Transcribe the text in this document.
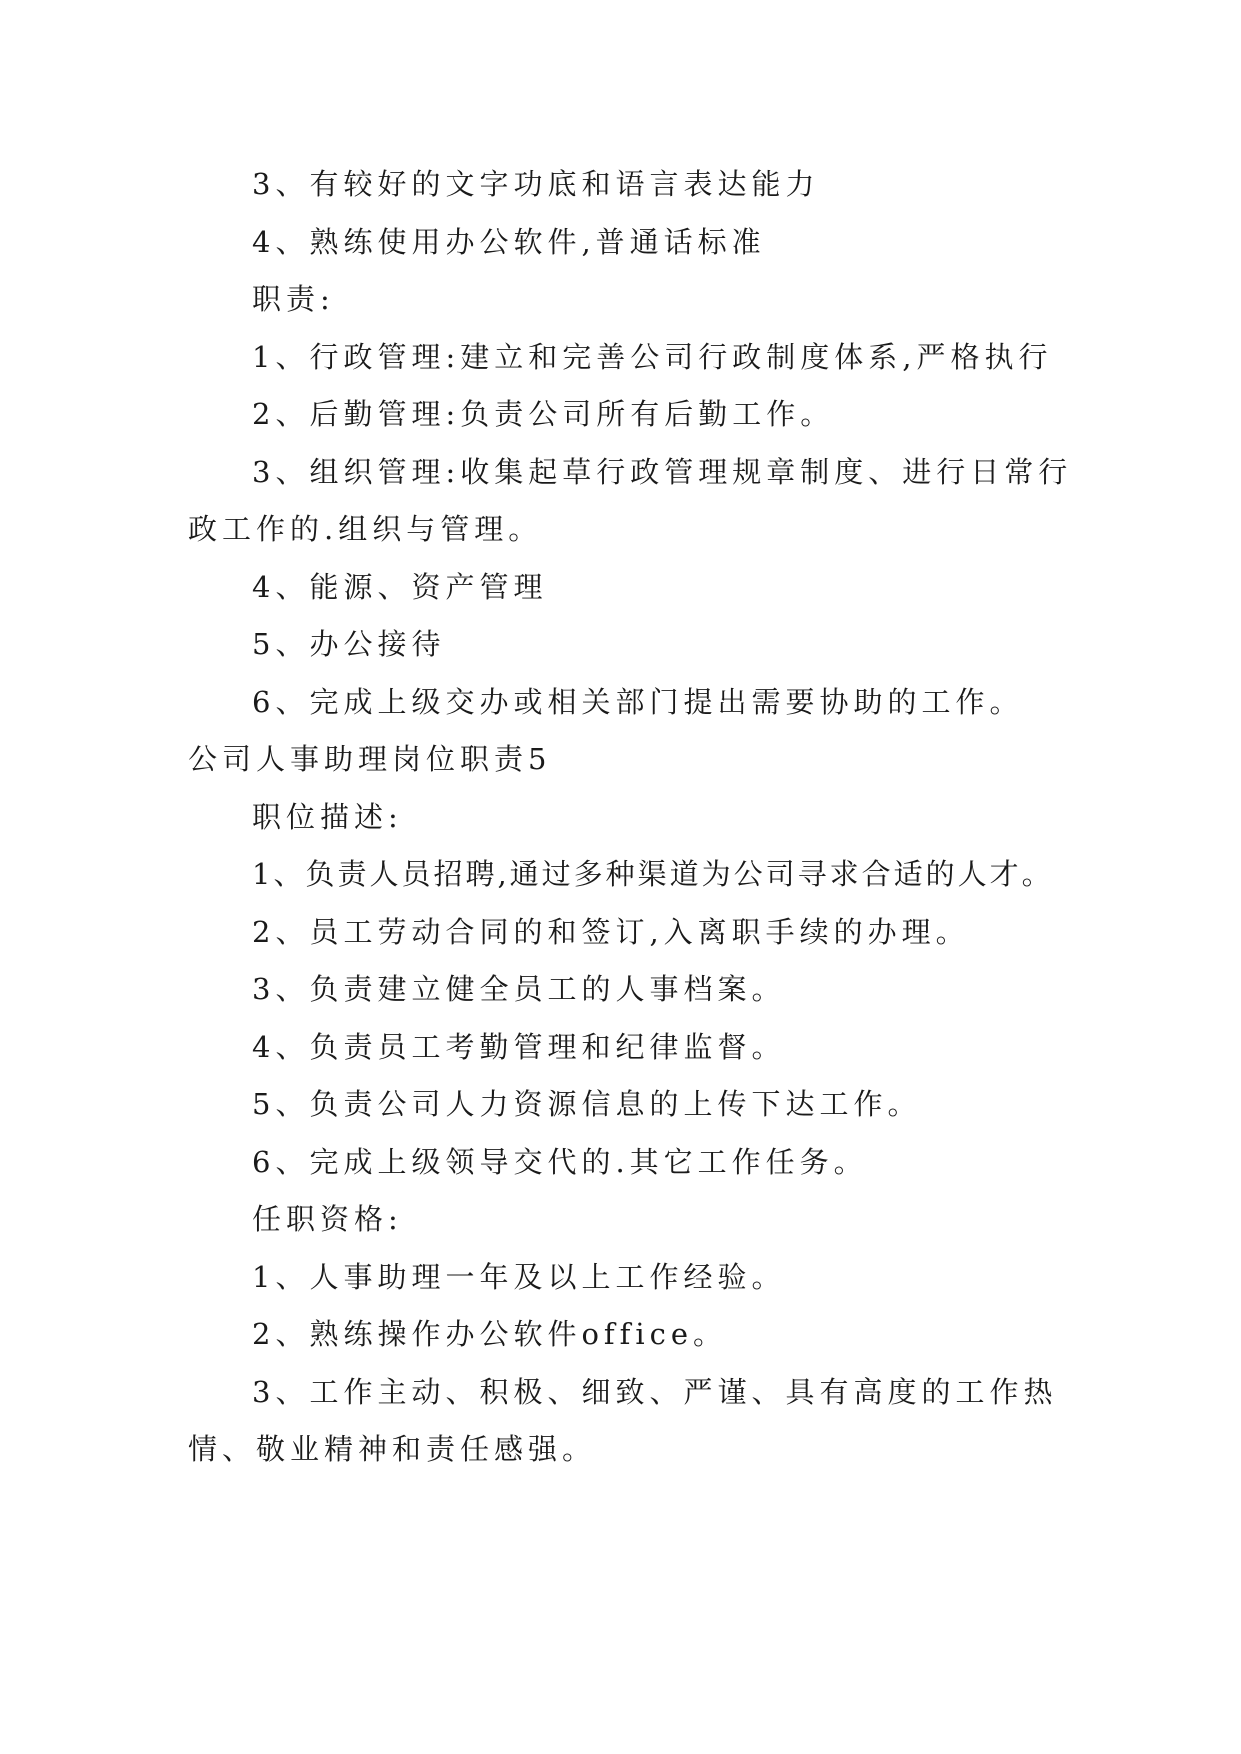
3、有较好的文字功底和语言表达能力
4、熟练使用办公软件,普通话标准
职责:
1、行政管理:建立和完善公司行政制度体系,严格执行
2、后勤管理:负责公司所有后勤工作。
3、组织管理:收集起草行政管理规章制度、进行日常行
政工作的.组织与管理。
4、能源、资产管理
5、办公接待
6、完成上级交办或相关部门提出需要协助的工作。
公司人事助理岗位职责5
职位描述:
1、负责人员招聘,通过多种渠道为公司寻求合适的人才。
2、员工劳动合同的和签订,入离职手续的办理。
3、负责建立健全员工的人事档案。
4、负责员工考勤管理和纪律监督。
5、负责公司人力资源信息的上传下达工作。
6、完成上级领导交代的.其它工作任务。
任职资格:
1、人事助理一年及以上工作经验。
2、熟练操作办公软件office。
3、工作主动、积极、细致、严谨、具有高度的工作热
情、敬业精神和责任感强。
